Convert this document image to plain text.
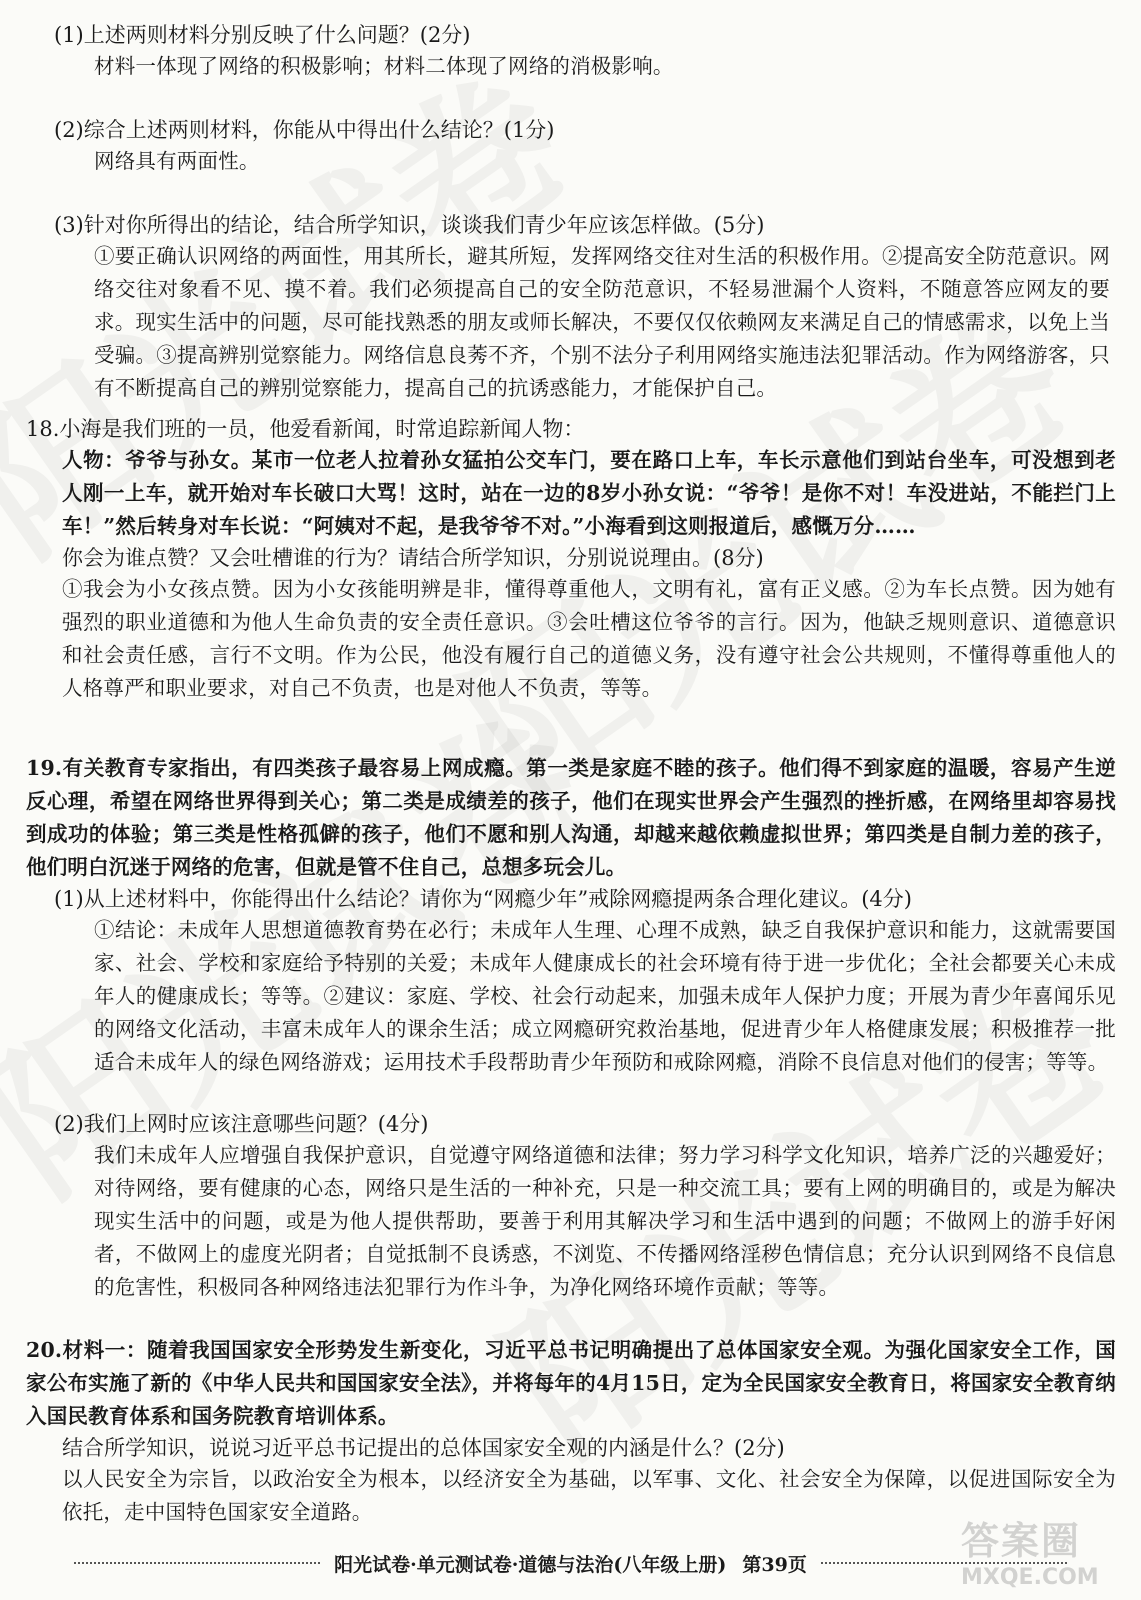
(1)上述两则材料分别反映了什么问题？(2分)

材料一体现了网络的积极影响；材料二体现了网络的消极影响。

(2)综合上述两则材料，你能从中得出什么结论？(1分)

网络具有两面性。

(3)针对你所得出的结论，结合所学知识，谈谈我们青少年应该怎样做。(5分)

①要正确认识网络的两面性，用其所长，避其所短，发挥网络交往对生活的积极作用。②提高安全防范意识。网络交往对象看不见、摸不着。我们必须提高自己的安全防范意识，不轻易泄漏个人资料，不随意答应网友的要求。现实生活中的问题，尽可能找熟悉的朋友或师长解决，不要仅仅依赖网友来满足自己的情感需求，以免上当受骗。③提高辨别觉察能力。网络信息良莠不齐，个别不法分子利用网络实施违法犯罪活动。作为网络游客，只有不断提高自己的辨别觉察能力，提高自己的抗诱惑能力，才能保护自己。

18.小海是我们班的一员，他爱看新闻，时常追踪新闻人物：

人物：爷爷与孙女。某市一位老人拉着孙女猛拍公交车门，要在路口上车，车长示意他们到站台坐车，可没想到老人刚一上车，就开始对车长破口大骂！这时，站在一边的8岁小孙女说：“爷爷！是你不对！车没进站，不能拦门上车！”然后转身对车长说：“阿姨对不起，是我爷爷不对。”小海看到这则报道后，感慨万分……

你会为谁点赞？又会吐槽谁的行为？请结合所学知识，分别说说理由。(8分)

①我会为小女孩点赞。因为小女孩能明辨是非，懂得尊重他人，文明有礼，富有正义感。②为车长点赞。因为她有强烈的职业道德和为他人生命负责的安全责任意识。③会吐槽这位爷爷的言行。因为，他缺乏规则意识、道德意识和社会责任感，言行不文明。作为公民，他没有履行自己的道德义务，没有遵守社会公共规则，不懂得尊重他人的人格尊严和职业要求，对自己不负责，也是对他人不负责，等等。

19.有关教育专家指出，有四类孩子最容易上网成瘾。第一类是家庭不睦的孩子。他们得不到家庭的温暖，容易产生逆反心理，希望在网络世界得到关心；第二类是成绩差的孩子，他们在现实世界会产生强烈的挫折感，在网络里却容易找到成功的体验；第三类是性格孤僻的孩子，他们不愿和别人沟通，却越来越依赖虚拟世界；第四类是自制力差的孩子，他们明白沉迷于网络的危害，但就是管不住自己，总想多玩会儿。

(1)从上述材料中，你能得出什么结论？请你为“网瘾少年”戒除网瘾提两条合理化建议。(4分)

①结论：未成年人思想道德教育势在必行；未成年人生理、心理不成熟，缺乏自我保护意识和能力，这就需要国家、社会、学校和家庭给予特别的关爱；未成年人健康成长的社会环境有待于进一步优化；全社会都要关心未成年人的健康成长；等等。②建议：家庭、学校、社会行动起来，加强未成年人保护力度；开展为青少年喜闻乐见的网络文化活动，丰富未成年人的课余生活；成立网瘾研究救治基地，促进青少年人格健康发展；积极推荐一批适合未成年人的绿色网络游戏；运用技术手段帮助青少年预防和戒除网瘾，消除不良信息对他们的侵害；等等。

(2)我们上网时应该注意哪些问题？(4分)

我们未成年人应增强自我保护意识，自觉遵守网络道德和法律；努力学习科学文化知识，培养广泛的兴趣爱好；对待网络，要有健康的心态，网络只是生活的一种补充，只是一种交流工具；要有上网的明确目的，或是为解决现实生活中的问题，或是为他人提供帮助，要善于利用其解决学习和生活中遇到的问题；不做网上的游手好闲者，不做网上的虚度光阴者；自觉抵制不良诱惑，不浏览、不传播网络淫秽色情信息；充分认识到网络不良信息的危害性，积极同各种网络违法犯罪行为作斗争，为净化网络环境作贡献；等等。

20.材料一：随着我国国家安全形势发生新变化，习近平总书记明确提出了总体国家安全观。为强化国家安全工作，国家公布实施了新的《中华人民共和国国家安全法》，并将每年的4月15日，定为全民国家安全教育日，将国家安全教育纳入国民教育体系和国务院教育培训体系。

结合所学知识，说说习近平总书记提出的总体国家安全观的内涵是什么？(2分)

以人民安全为宗旨，以政治安全为根本，以经济安全为基础，以军事、文化、社会安全为保障，以促进国际安全为依托，走中国特色国家安全道路。

阳光试卷·单元测试卷·道德与法治(八年级上册) 第39页
答案圈
MXQE.COM
